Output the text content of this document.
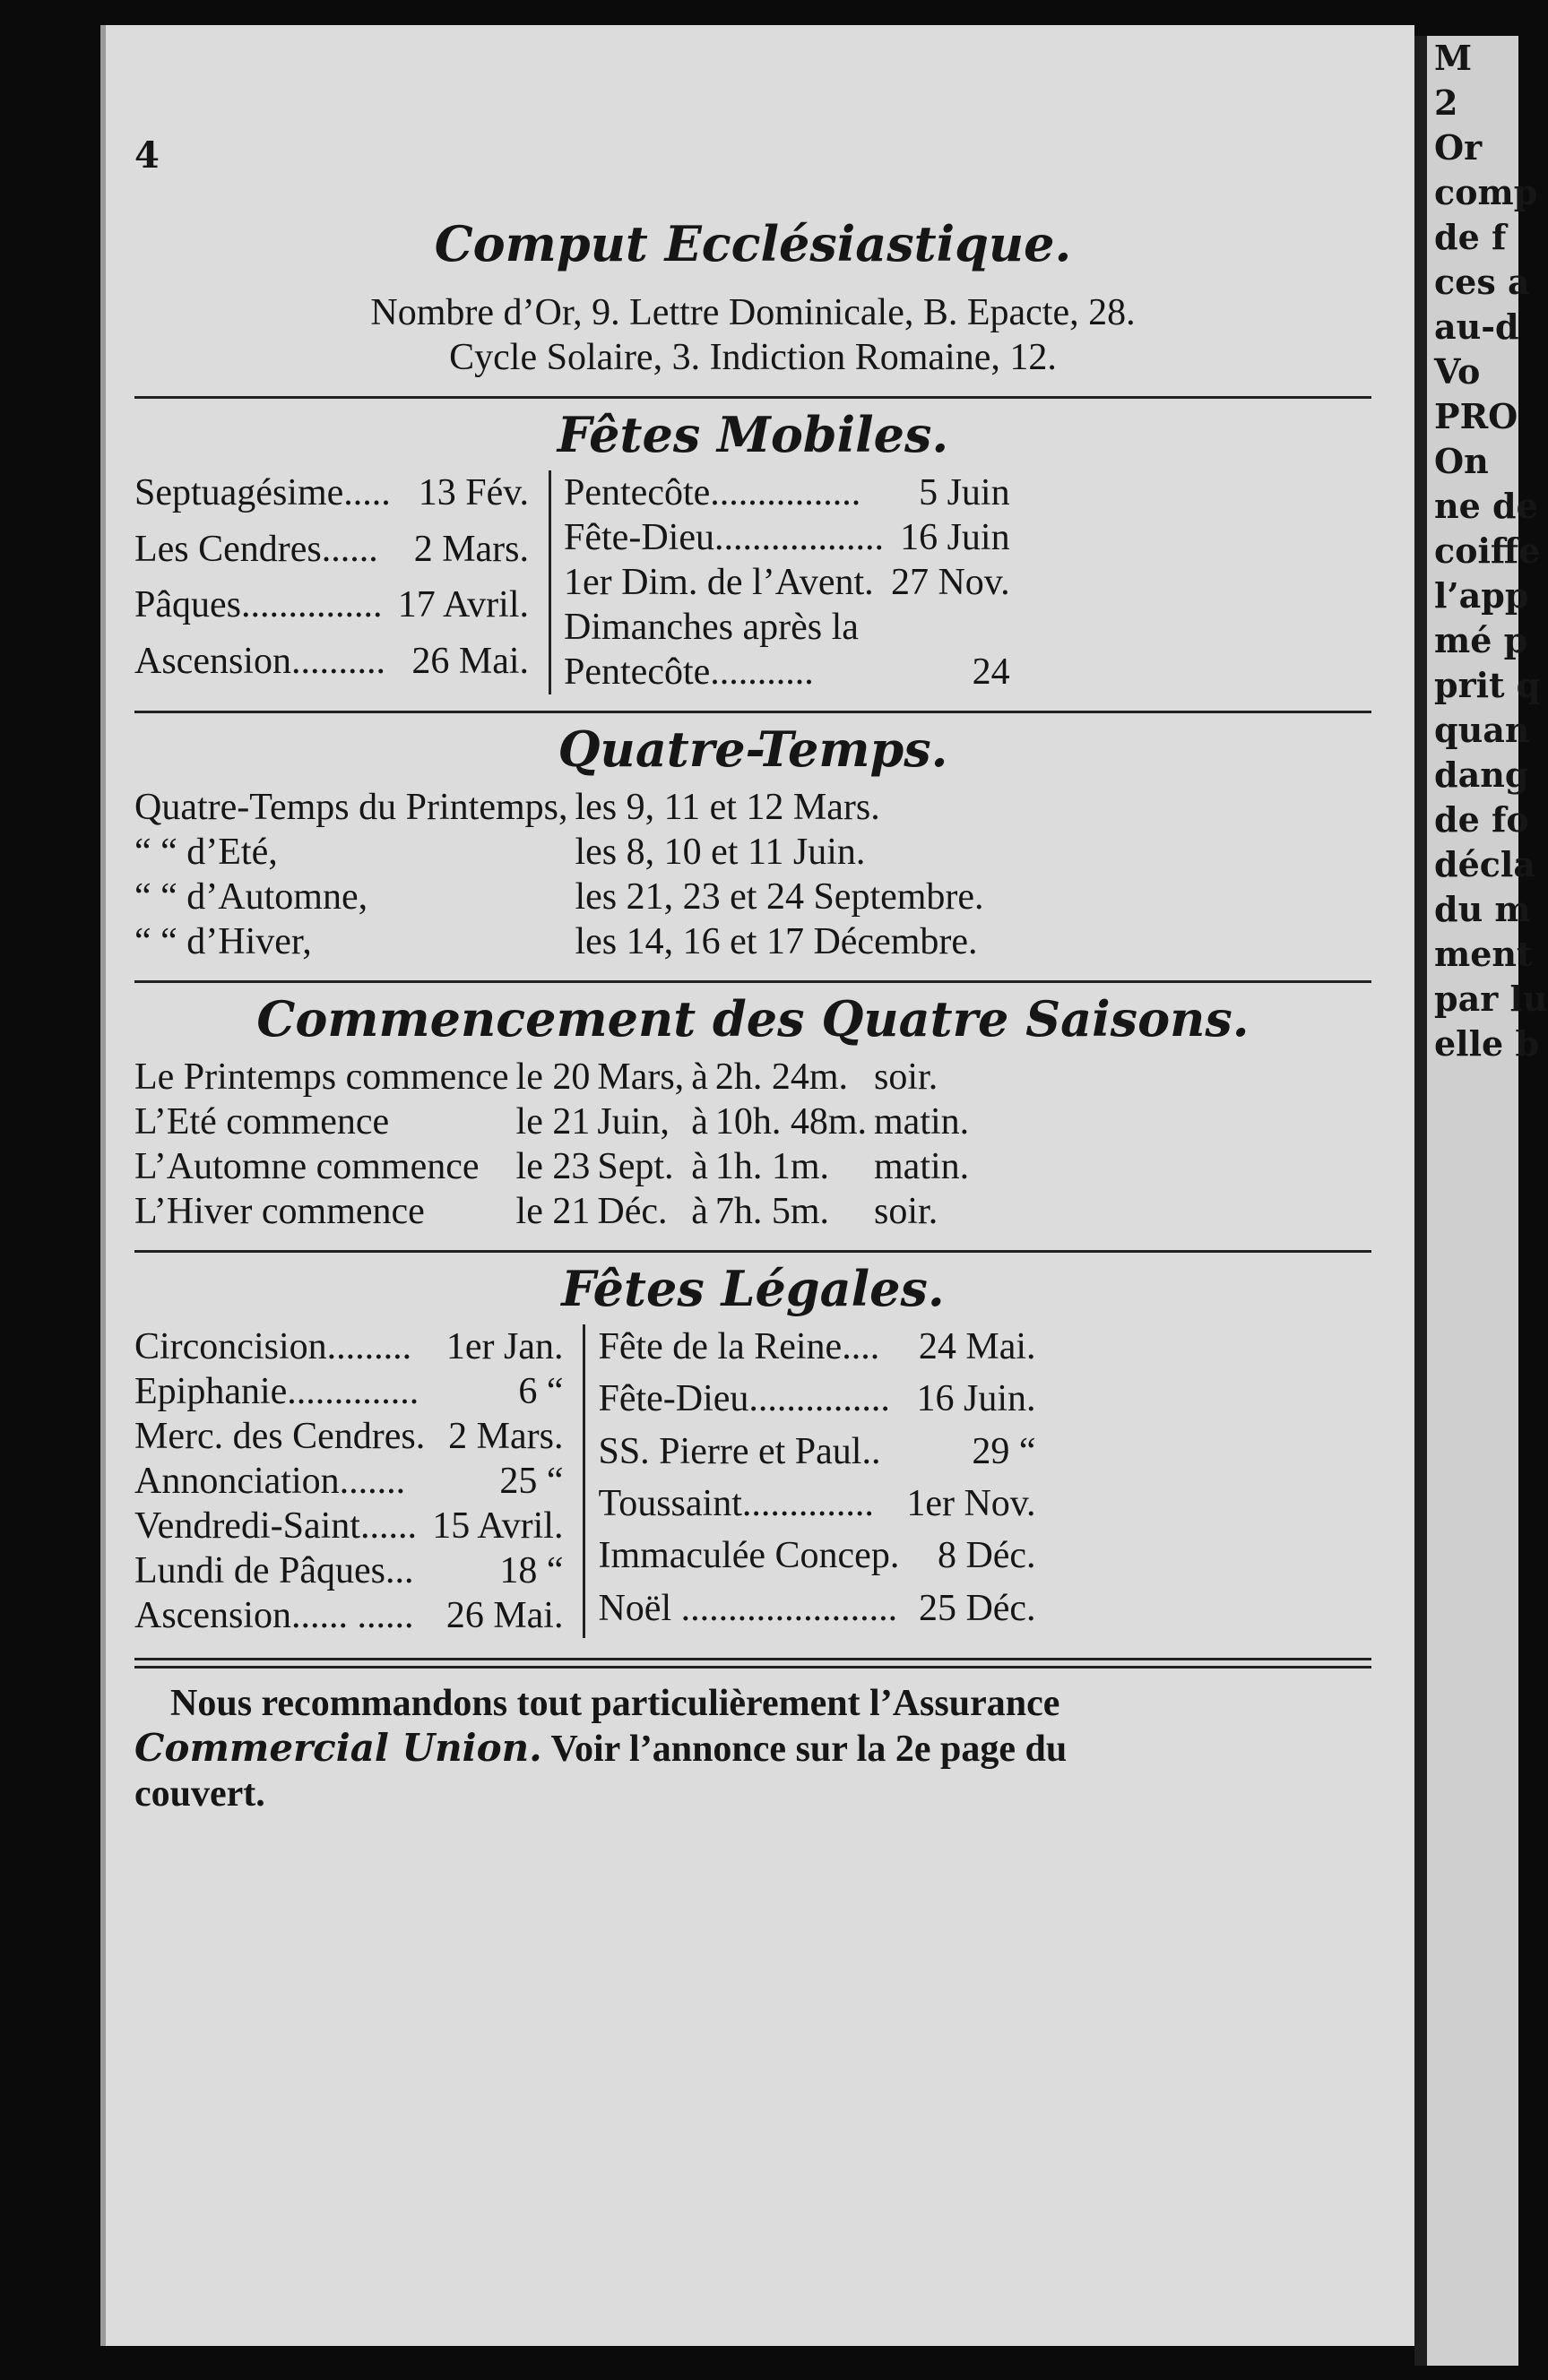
M
2
Or
comp
de f
ces a
au-d
Vo
PRO
On
ne de
coiffe
l’app
mé p
prit q
quan
dang
de fo
décla
du m
ment
par lu
elle b
4
Comput Ecclésiastique.
Nombre d’Or, 9. Lettre Dominicale, B. Epacte, 28.
Cycle Solaire, 3. Indiction Romaine, 12.
Fêtes Mobiles.
Septuagésime.....	13 Fév.
Les Cendres......	2 Mars.
Pâques...............	17 Avril.
Ascension..........	26 Mai.
Pentecôte................	5 Juin
Fête-Dieu..................	16 Juin
1er Dim. de l’Avent.	27 Nov.
Dimanches après la	
Pentecôte...........	24
Quatre-Temps.
Quatre-Temps du Printemps,	les 9, 11 et 12 Mars.
“ “ d’Eté,	les 8, 10 et 11 Juin.
“ “ d’Automne,	les 21, 23 et 24 Septembre.
“ “ d’Hiver,	les 14, 16 et 17 Décembre.
Commencement des Quatre Saisons.
Le Printemps commence	le 20	Mars,	à	2h. 24m.	soir.
L’Eté commence	le 21	Juin,	à	10h. 48m.	matin.
L’Automne commence	le 23	Sept.	à	1h. 1m.	matin.
L’Hiver commence	le 21	Déc.	à	7h. 5m.	soir.
Fêtes Légales.
Circoncision.........	1er Jan.
Epiphanie..............	6 “
Merc. des Cendres.	2 Mars.
Annonciation.......	25 “
Vendredi-Saint......	15 Avril.
Lundi de Pâques...	18 “
Ascension...... ......	26 Mai.
Fête de la Reine....	24 Mai.
Fête-Dieu...............	16 Juin.
SS. Pierre et Paul..	29 “
Toussaint..............	1er Nov.
Immaculée Concep.	8 Déc.
Noël .......................	25 Déc.
Nous recommandons tout particulièrement l’Assurance
Commercial Union. Voir l’annonce sur la 2e page du
couvert.
